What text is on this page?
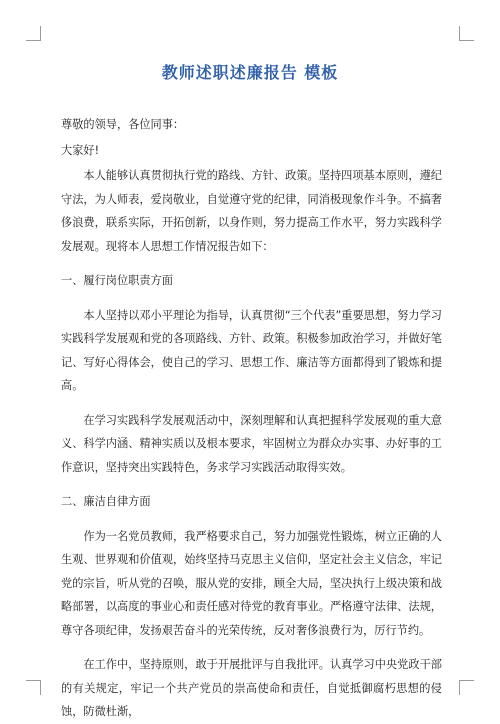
教师述职述廉报告 模板

尊敬的领导，各位同事：

大家好!

本人能够认真贯彻执行党的路线、方针、政策。坚持四项基本原则，遵纪守法，为人师表，爱岗敬业，自觉遵守党的纪律，同消极现象作斗争。不搞奢侈浪费，联系实际，开拓创新，以身作则，努力提高工作水平，努力实践科学发展观。现将本人思想工作情况报告如下：

一、履行岗位职责方面

本人坚持以邓小平理论为指导，认真贯彻“三个代表”重要思想，努力学习实践科学发展观和党的各项路线、方针、政策。积极参加政治学习，并做好笔记、写好心得体会，使自己的学习、思想工作、廉洁等方面都得到了锻炼和提高。

在学习实践科学发展观活动中，深刻理解和认真把握科学发展观的重大意义、科学内涵、精神实质以及根本要求，牢固树立为群众办实事、办好事的工作意识，坚持突出实践特色，务求学习实践活动取得实效。

二、廉洁自律方面

作为一名党员教师，我严格要求自己，努力加强党性锻炼，树立正确的人生观、世界观和价值观，始终坚持马克思主义信仰，坚定社会主义信念，牢记党的宗旨，听从党的召唤，服从党的安排，顾全大局，坚决执行上级决策和战略部署，以高度的事业心和责任感对待党的教育事业。严格遵守法律、法规，尊守各项纪律，发扬艰苦奋斗的光荣传统，反对奢侈浪费行为，厉行节约。

在工作中，坚持原则，敢于开展批评与自我批评。认真学习中央党政干部的有关规定，牢记一个共产党员的崇高使命和责任，自觉抵御腐朽思想的侵蚀，防微杜渐，
